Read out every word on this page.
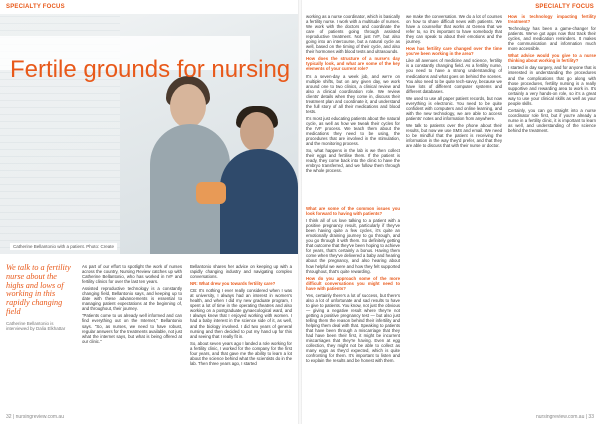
SPECIALTY FOCUS
Fertile grounds for nursing
Catherine Bellantonio with a patient. Photo: Create
We talk to a fertility nurse about the highs and lows of working in this rapidly changing field
Catherine Bellantonio is interviewed by Dalia Elkhattar

As part of our effort to spotlight the work of nurses across the country, Nursing Review catches up with Catherine Bellantonio, who has worked in IVF and fertility clinics for over the last ten years.

Assisted reproductive technology is a constantly changing field, Bellantonio says, and keeping up to date with these advancements is essential to managing patient expectations at the beginning of, and throughout, their journey.

"Patients come to us already well informed and can find everything out on the Internet," Bellantonio says. "So, as nurses, we need to have robust, regular answers for the treatments available, not just what the internet says, but what is being offered at our clinic."

Bellantonio shares her advice on keeping up with a rapidly changing industry and navigating complex conversations.

NR: What drew you towards fertility care?

CB: It's nothing I ever really considered when I was at university, I always had an interest in women's health, and when I did my new graduate program, I spent a lot of time in the operating theatres and also working on a postgraduate gynaecological ward, and I always knew that I enjoyed working with women. I had a baby interest in the science side of it, as well, and the biology involved. I did two years of general nursing and then decided to put my hand up for this and seeing that I really fit in.

So, about seven years ago I landed a role working for a fertility clinic, I worked for the company for the first four years, and that gave me the ability to learn a lot about the science behind what the scientists do in the lab. Then three years ago, I started

32 | nursingreview.com.au
SPECIALTY FOCUS

working as a nurse coordinator, which is basically a fertility nurse. I work with a multitude of nurses. We work with the doctors and coordinate the care of patients going through assisted reproductive treatment. Not just IVF, but also going into an intercourse, but a natural cycle as well, based on the timing of their cycle, and also their hormones with blood tests and ultrasounds.

How does the structure of a nurse's day typically look, and what are some of the key elements of your current role?

It's a seven-day a week job, and we're on multiple shifts, but on any given day, we work around one to two clinics, a clinical review and also a clinical coordination role. We review clients' details when they come in, discuss their treatment plan and coordinate it, and understand the full story of all their medications and blood tests.

It's most just educating patients about the natural cycle, as well as how we tweak their cycles for the IVF process. We teach them about the medications they need to be using, the procedures that are involved in the stimulation, and the monitoring process.

So, what happens in the lab is we then collect their eggs and fertilise them. If the patient is ready, they come back into the clinic to have the embryo transferred, and we follow them through the whole process.

What are some of the common issues you look forward to having with patients?

I think all of us love talking to a patient with a positive pregnancy result, particularly if they've been having quite a few cycles, it's quite an emotionally draining journey to go through, and you go through it with them. So definitely getting that outcome that they've been hoping to achieve for years, that's certainly a bonus. Having them come when they've delivered a baby and hearing about the pregnancy, and also hearing about how helpful we were and how they felt supported throughout, that's quite rewarding.

How do you approach some of the more difficult conversations you might need to have with patients?

Yes, certainly there's a lot of success, but there's also a lot of unfortunate and sad results to have to give to patients. You know, not just the obvious — giving a negative result where they're not getting a positive pregnancy test — but also just telling them the reason behind their infertility and helping them deal with that. Speaking to patients that have been through a miscarriage that they had have been their first, it might be incurrent miscarriages that they're having. Even at egg collection, they might not be able to collect as many eggs as they'd expected, which is quite confronting for them. It's important to listen and to explain the results and be honest with them.

we make the conversation. We do a lot of courses on how to share difficult news with patients. We have a counsellor that works at Genea that we refer to, so it's important to have somebody that they can speak to about their emotions and the journey.

How has fertility care changed over the time you've been working in the area?

Like all avenues of medicine and science, fertility is a constantly changing field. As a fertility nurse, you need to have a strong understanding of medications and what goes on behind the scenes. You also need to be quite tech-savvy, because we have lots of different computer systems and different databases.

We used to use all paper patient records, but now everything is electronic. You need to be quite confident with computers and online learning, and with the new technology, we are able to access patients' notes and information from anywhere.

We talk to patients over the phone about their results, but now we use SMS and email. We need to be mindful that the patient is receiving the information in the way they'd prefer, and that they are able to discuss that with their nurse or doctor.

How is technology impacting fertility treatment?

Technology has been a game-changer for patients. We've got apps now that track their cycles, and medication reminders. It makes the communication and information much more accessible.

What advice would you give to a nurse thinking about working in fertility?

I started in day surgery, and for anyone that is interested in understanding the procedures and the complications that go along with those procedures, fertility nursing is a really supportive and rewarding area to work in. It's certainly a very hands-on role, so it's a great way to use your clinical skills as well as your people skills.

Certainly, you can go straight into a nurse coordinator role first, but if you're already a nurse in a fertility clinic, it is important to learn as well, and understanding of the science behind the treatment.

nursingreview.com.au | 33
